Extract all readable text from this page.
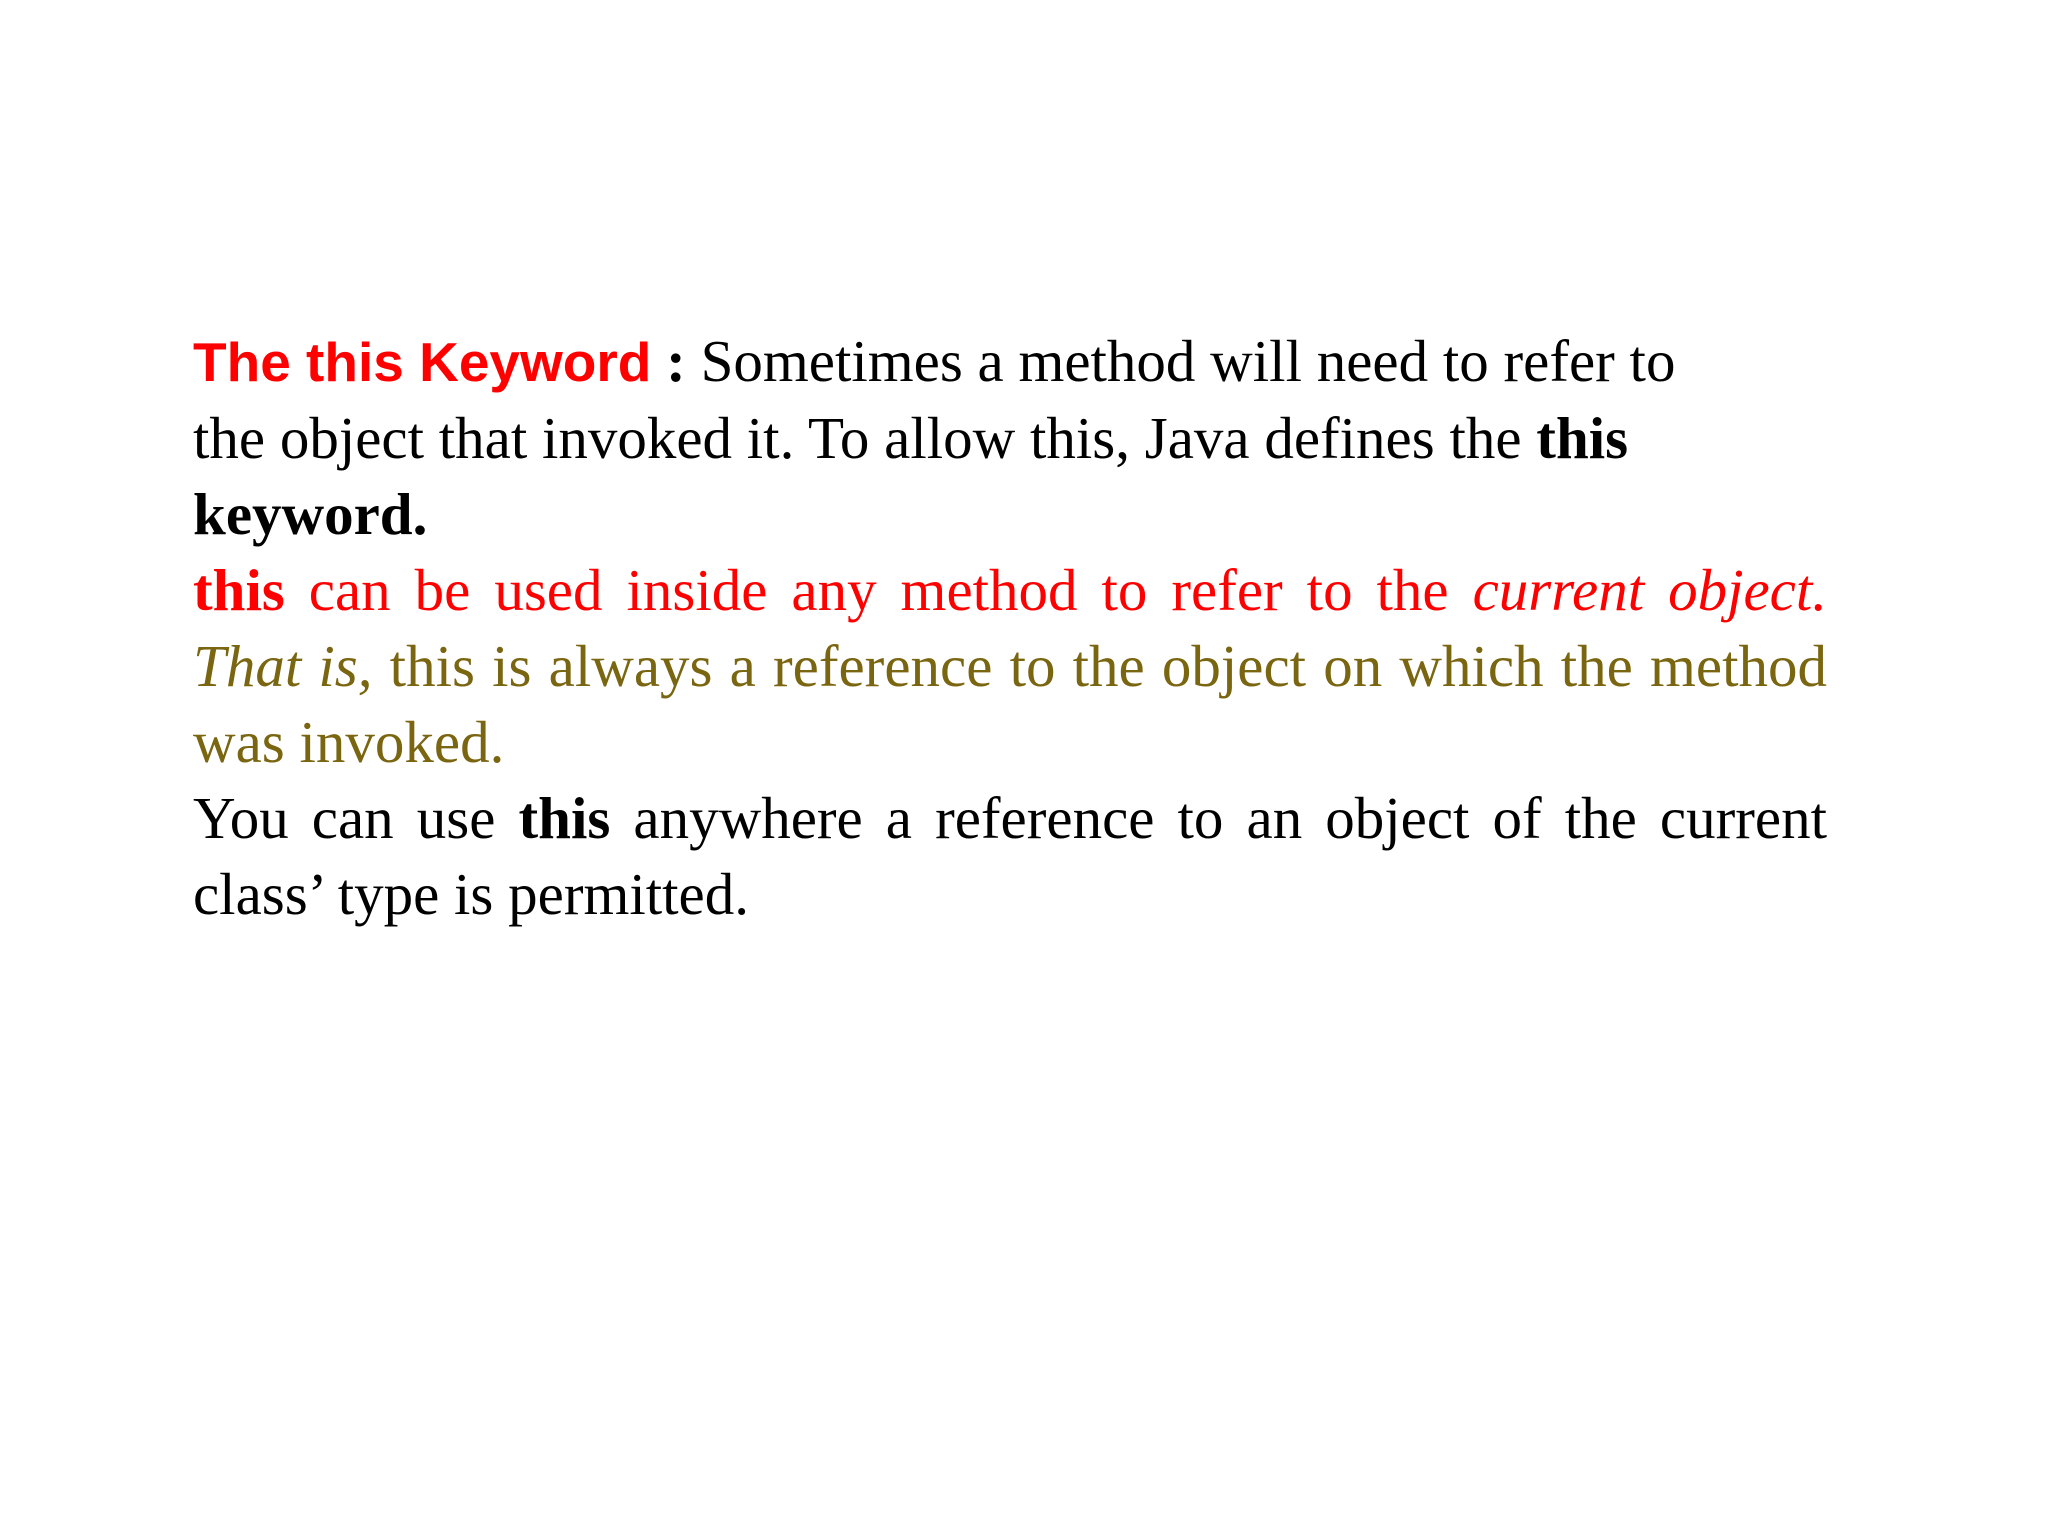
The this Keyword : Sometimes a method will need to refer to the object that invoked it. To allow this, Java defines the this keyword.

this can be used inside any method to refer to the current object. That is, this is always a reference to the object on which the method was invoked.

You can use this anywhere a reference to an object of the current class’ type is permitted.
